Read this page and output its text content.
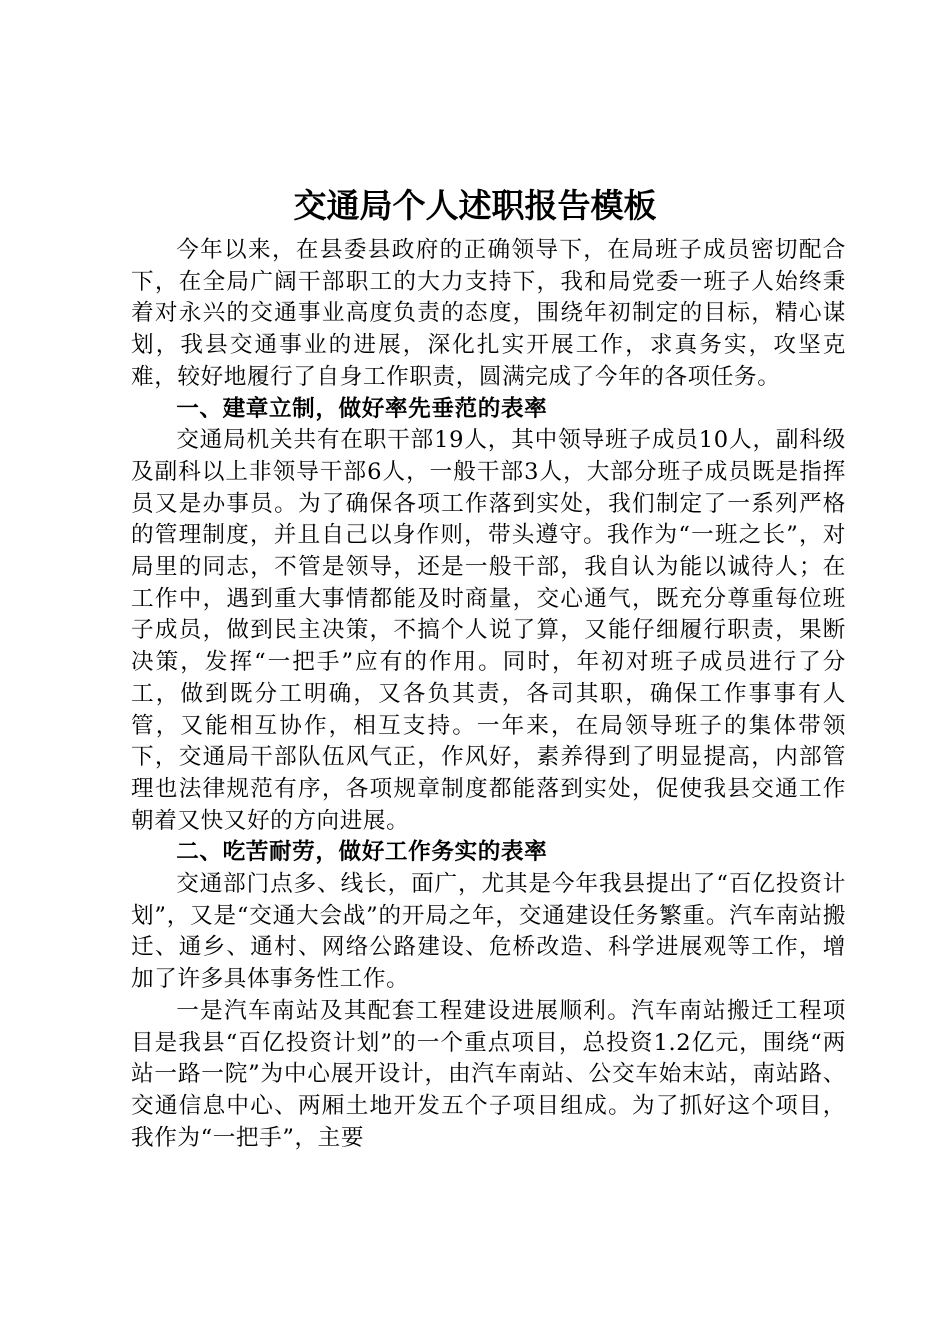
交通局个人述职报告模板

今年以来，在县委县政府的正确领导下，在局班子成员密切配合下，在全局广阔干部职工的大力支持下，我和局党委一班子人始终秉着对永兴的交通事业高度负责的态度，围绕年初制定的目标，精心谋划，我县交通事业的进展，深化扎实开展工作，求真务实，攻坚克难，较好地履行了自身工作职责，圆满完成了今年的各项任务。

一、建章立制，做好率先垂范的表率

交通局机关共有在职干部19人，其中领导班子成员10人，副科级及副科以上非领导干部6人，一般干部3人，大部分班子成员既是指挥员又是办事员。为了确保各项工作落到实处，我们制定了一系列严格的管理制度，并且自己以身作则，带头遵守。我作为“一班之长”，对局里的同志，不管是领导，还是一般干部，我自认为能以诚待人；在工作中，遇到重大事情都能及时商量，交心通气，既充分尊重每位班子成员，做到民主决策，不搞个人说了算，又能仔细履行职责，果断决策，发挥“一把手”应有的作用。同时，年初对班子成员进行了分工，做到既分工明确，又各负其责，各司其职，确保工作事事有人管，又能相互协作，相互支持。一年来，在局领导班子的集体带领下，交通局干部队伍风气正，作风好，素养得到了明显提高，内部管理也法律规范有序，各项规章制度都能落到实处，促使我县交通工作朝着又快又好的方向进展。

二、吃苦耐劳，做好工作务实的表率

交通部门点多、线长，面广，尤其是今年我县提出了“百亿投资计划”，又是“交通大会战”的开局之年，交通建设任务繁重。汽车南站搬迁、通乡、通村、网络公路建设、危桥改造、科学进展观等工作，增加了许多具体事务性工作。

一是汽车南站及其配套工程建设进展顺利。汽车南站搬迁工程项目是我县“百亿投资计划”的一个重点项目，总投资1.2亿元，围绕“两站一路一院”为中心展开设计，由汽车南站、公交车始末站，南站路、交通信息中心、两厢土地开发五个子项目组成。为了抓好这个项目，我作为“一把手”，主要
